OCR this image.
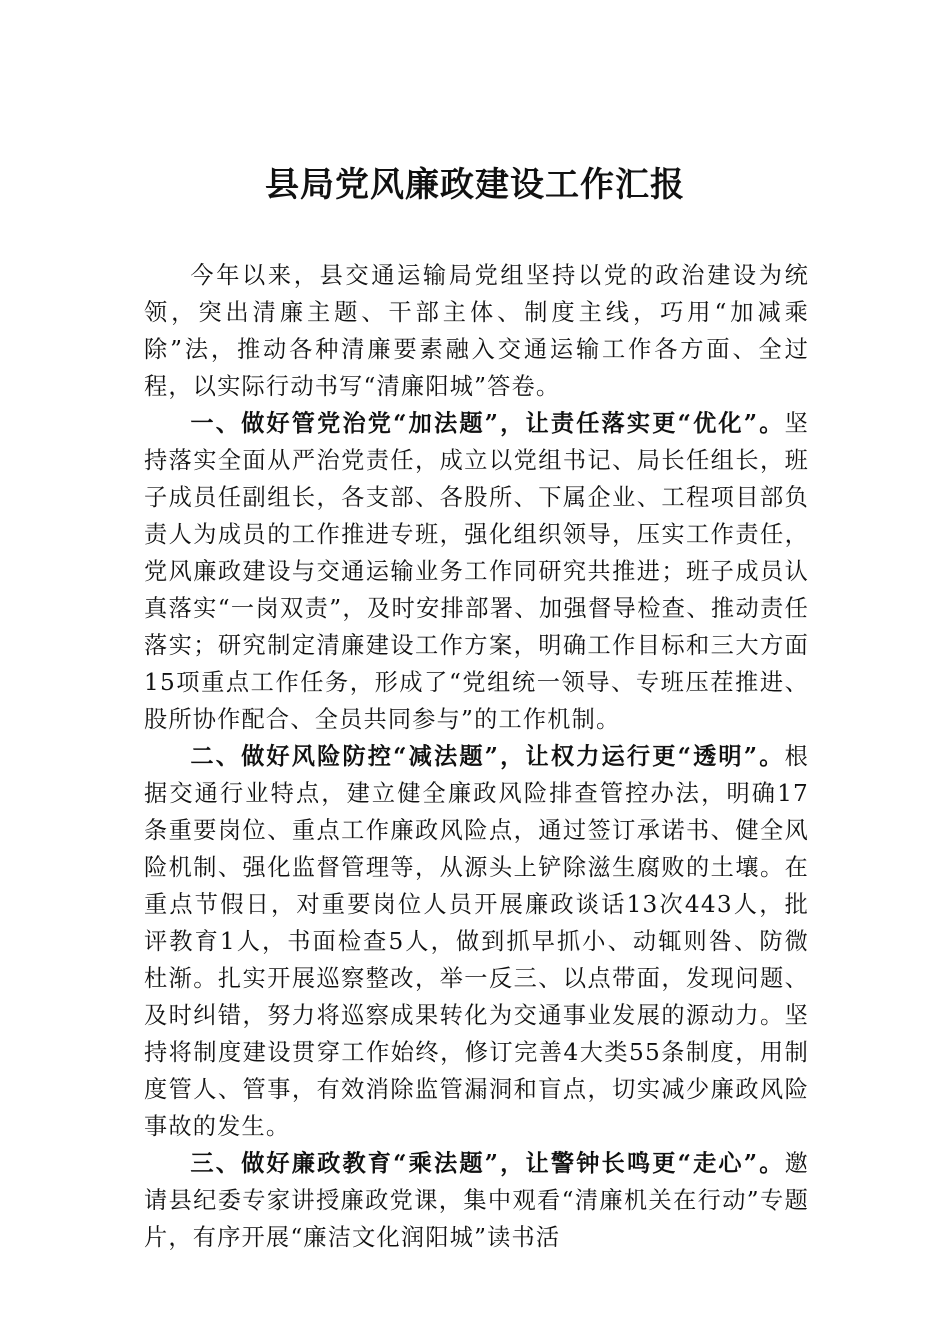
县局党风廉政建设工作汇报

今年以来，县交通运输局党组坚持以党的政治建设为统领，突出清廉主题、干部主体、制度主线，巧用“加减乘除”法，推动各种清廉要素融入交通运输工作各方面、全过程，以实际行动书写“清廉阳城”答卷。

一、做好管党治党“加法题”，让责任落实更“优化”。坚持落实全面从严治党责任，成立以党组书记、局长任组长，班子成员任副组长，各支部、各股所、下属企业、工程项目部负责人为成员的工作推进专班，强化组织领导，压实工作责任，党风廉政建设与交通运输业务工作同研究共推进；班子成员认真落实“一岗双责”，及时安排部署、加强督导检查、推动责任落实；研究制定清廉建设工作方案，明确工作目标和三大方面15项重点工作任务，形成了“党组统一领导、专班压茬推进、股所协作配合、全员共同参与”的工作机制。

二、做好风险防控“减法题”，让权力运行更“透明”。根据交通行业特点，建立健全廉政风险排查管控办法，明确17条重要岗位、重点工作廉政风险点，通过签订承诺书、健全风险机制、强化监督管理等，从源头上铲除滋生腐败的土壤。在重点节假日，对重要岗位人员开展廉政谈话13次443人，批评教育1人，书面检查5人，做到抓早抓小、动辄则咎、防微杜渐。扎实开展巡察整改，举一反三、以点带面，发现问题、及时纠错，努力将巡察成果转化为交通事业发展的源动力。坚持将制度建设贯穿工作始终，修订完善4大类55条制度，用制度管人、管事，有效消除监管漏洞和盲点，切实减少廉政风险事故的发生。

三、做好廉政教育“乘法题”，让警钟长鸣更“走心”。邀请县纪委专家讲授廉政党课，集中观看“清廉机关在行动”专题片，有序开展“廉洁文化润阳城”读书活
